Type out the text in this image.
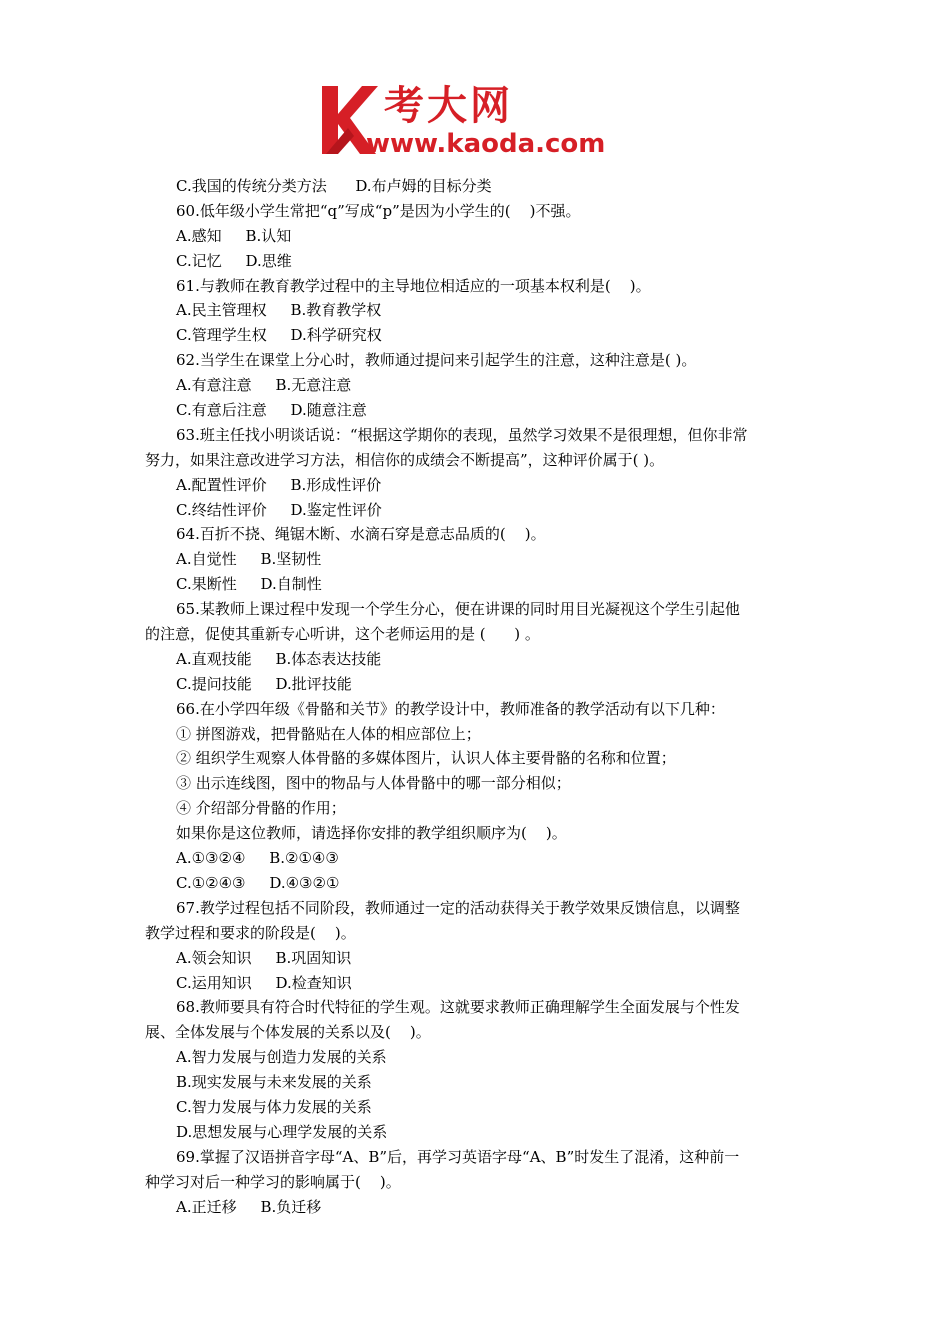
考大网
www.kaoda.com
C.我国的传统分类方法      D.布卢姆的目标分类
60.低年级小学生常把“q”写成“p”是因为小学生的(    )不强。
A.感知     B.认知
C.记忆     D.思维
61.与教师在教育教学过程中的主导地位相适应的一项基本权利是(    )。
A.民主管理权     B.教育教学权
C.管理学生权     D.科学研究权
62.当学生在课堂上分心时，教师通过提问来引起学生的注意，这种注意是( )。
A.有意注意     B.无意注意
C.有意后注意     D.随意注意
63.班主任找小明谈话说：“根据这学期你的表现，虽然学习效果不是很理想，但你非常
努力，如果注意改进学习方法，相信你的成绩会不断提高”，这种评价属于( )。
A.配置性评价     B.形成性评价
C.终结性评价     D.鉴定性评价
64.百折不挠、绳锯木断、水滴石穿是意志品质的(    )。
A.自觉性     B.坚韧性
C.果断性     D.自制性
65.某教师上课过程中发现一个学生分心，便在讲课的同时用目光凝视这个学生引起他
的注意，促使其重新专心听讲，这个老师运用的是 (      ) 。
A.直观技能     B.体态表达技能
C.提问技能     D.批评技能
66.在小学四年级《骨骼和关节》的教学设计中，教师准备的教学活动有以下几种：
① 拼图游戏，把骨骼贴在人体的相应部位上；
② 组织学生观察人体骨骼的多媒体图片，认识人体主要骨骼的名称和位置；
③ 出示连线图，图中的物品与人体骨骼中的哪一部分相似；
④ 介绍部分骨骼的作用；
如果你是这位教师，请选择你安排的教学组织顺序为(    )。
A.①③②④     B.②①④③
C.①②④③     D.④③②①
67.教学过程包括不同阶段，教师通过一定的活动获得关于教学效果反馈信息，以调整
教学过程和要求的阶段是(    )。
A.领会知识     B.巩固知识
C.运用知识     D.检查知识
68.教师要具有符合时代特征的学生观。这就要求教师正确理解学生全面发展与个性发
展、全体发展与个体发展的关系以及(    )。
A.智力发展与创造力发展的关系
B.现实发展与未来发展的关系
C.智力发展与体力发展的关系
D.思想发展与心理学发展的关系
69.掌握了汉语拼音字母“A、B”后，再学习英语字母“A、B”时发生了混淆，这种前一
种学习对后一种学习的影响属于(    )。
A.正迁移     B.负迁移
